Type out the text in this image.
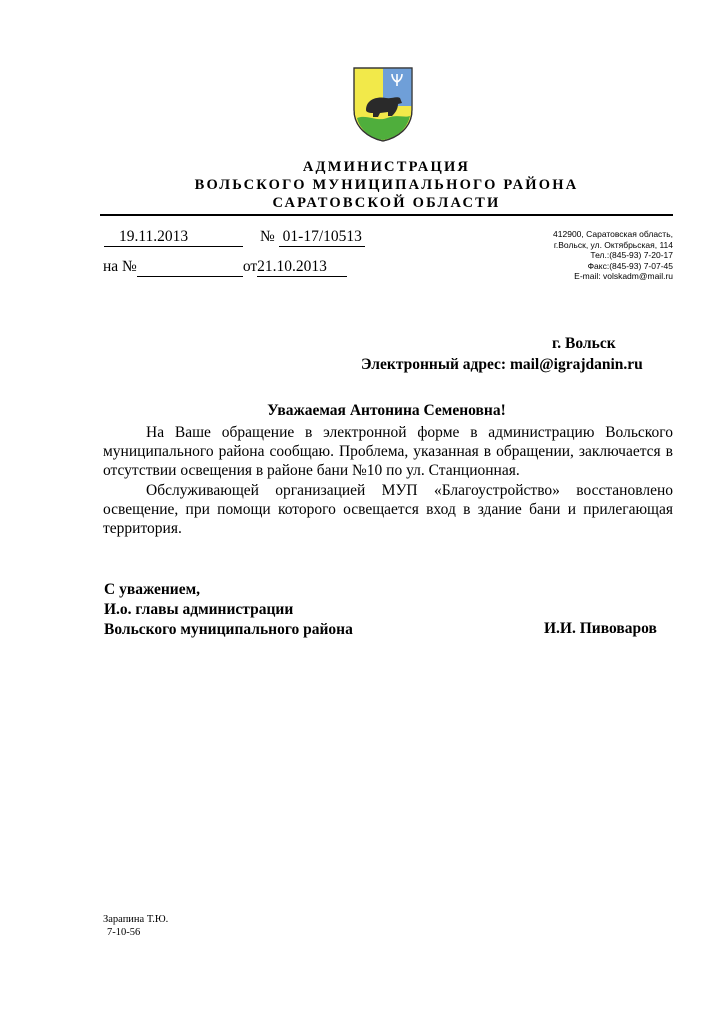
АДМИНИСТРАЦИЯ
ВОЛЬСКОГО МУНИЦИПАЛЬНОГО РАЙОНА
САРАТОВСКОЙ ОБЛАСТИ
19.11.2013	№ 01-17/10513
на №	от21.10.2013
412900, Саратовская область,
г.Вольск, ул. Октябрьская, 114
Тел.:(845-93) 7-20-17
Факс:(845-93) 7-07-45
E-mail: volskadm@mail.ru
г. Вольск
Электронный адрес: mail@igrajdanin.ru
Уважаемая Антонина Семеновна!

На Ваше обращение в электронной форме в администрацию Вольского муниципального района сообщаю. Проблема, указанная в обращении, заключается в отсутствии освещения в районе бани №10 по ул. Станционная.

Обслуживающей организацией МУП «Благоустройство» восстановлено освещение, при помощи которого освещается вход в здание бани и прилегающая территория.

С уважением,
И.о. главы администрации
Вольского муниципального района	И.И. Пивоваров
Зарапина Т.Ю.
7-10-56
